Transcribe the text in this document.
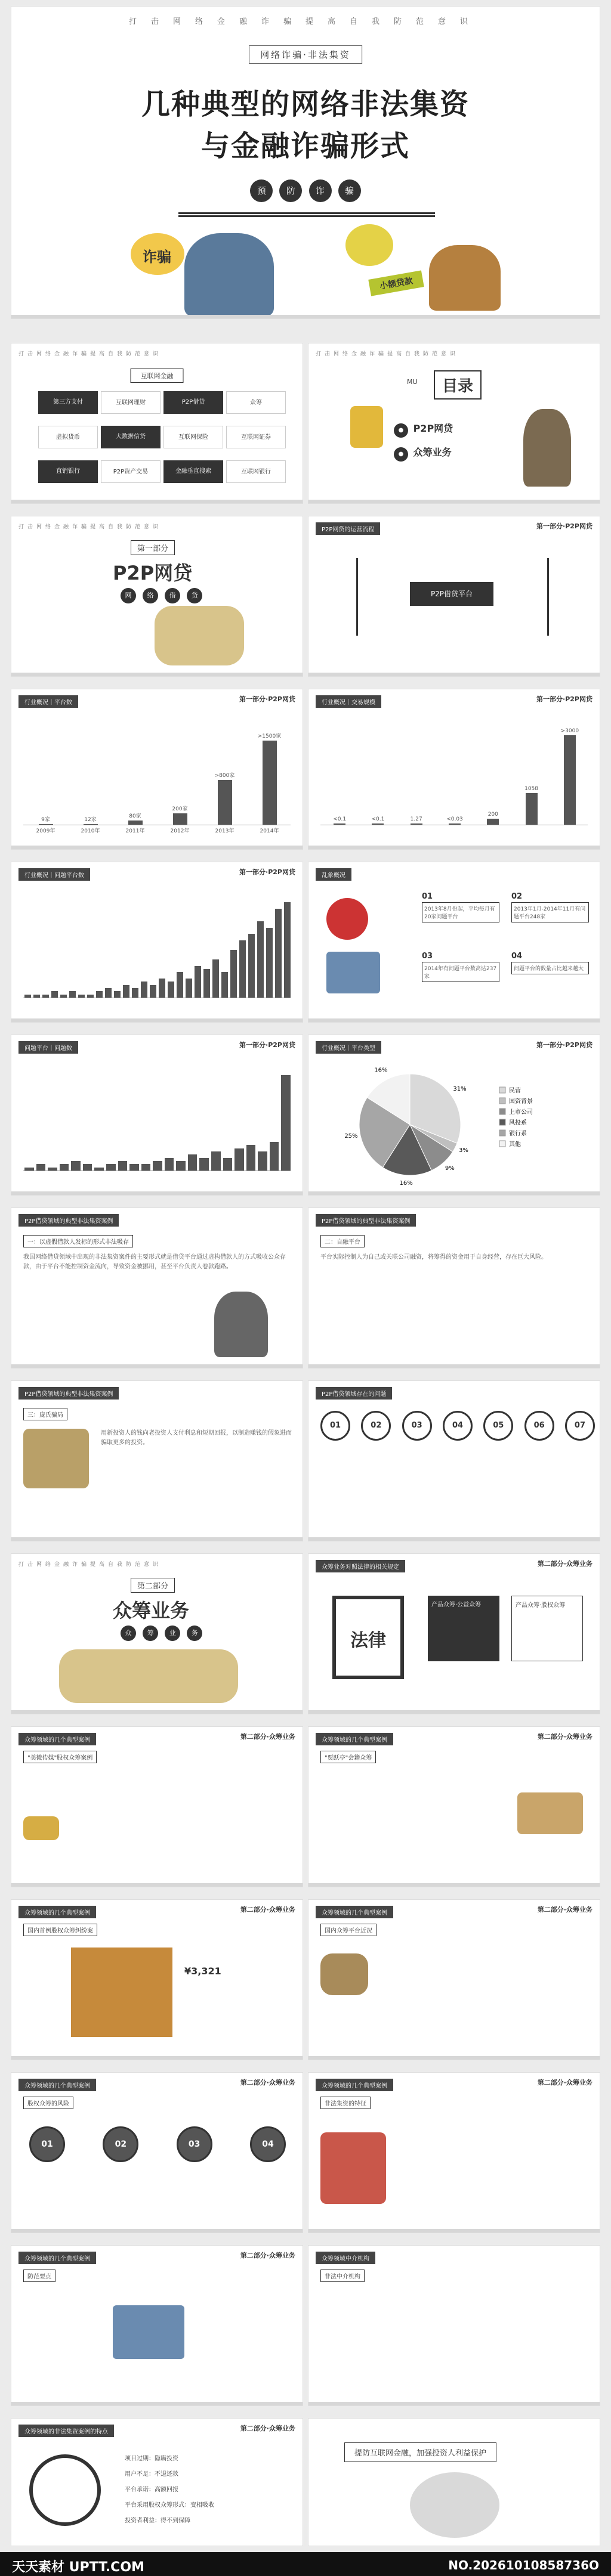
打击网络金融诈骗提高自我防范意识
网络诈骗·非法集资
几种典型的网络非法集资
与金融诈骗形式
预 防 诈 骗
诈骗
小额贷款
打击网络金融诈骗提高自我防范意识
互联网金融
第三方支付	互联网理财	P2P借贷	众筹
虚拟货币	大数据信贷	互联网保险	互联网证券
直销银行	P2P资产交易	金融垂直搜索	互联网银行
打击网络金融诈骗提高自我防范意识
目录
MU
● P2P网贷
● 众筹业务
打击网络金融诈骗提高自我防范意识
第一部分
P2P网贷
网 络 借 贷
P2P网贷的运营流程	第一部分·P2P网贷
P2P借贷平台
行业概况｜平台数	第一部分·P2P网贷
9家
2009年
12家
2010年
80家
2011年
200家
2012年
>800家
2013年
>1500家
2014年
行业概况｜交易规模	第一部分·P2P网贷
<0.1	<0.1	1.27	<0.03
200
1058
>3000
行业概况｜问题平台数	第一部分·P2P网贷	乱象概况
01
2013年8月份起，平均每月有20家问题平台
02
2013年1月-2014年11月有问题平台248家
03
2014年有问题平台数高达237家
04
问题平台的数量占比越来越大
问题平台｜问题数	第一部分·P2P网贷	行业概况｜平台类型	第一部分·P2P网贷
31%	民营
3%
国资背景
9%
上市公司
16%
风投系
25%	银行系
16%
其他
P2P借贷领域的典型非法集资案例
一：以虚假借款人发标的形式非法吸存
我国网络借贷领域中出现的非法集资案件的主要形式就是借贷平台通过虚构借款人的方式吸收公众存款，由于平台不能控制资金流向，导致资金被挪用，甚至平台负责人卷款跑路。
P2P借贷领域的典型非法集资案例
二：自融平台
平台实际控制人为自己或关联公司融资，将筹得的资金用于自身经营，存在巨大风险。
P2P借贷领域的典型非法集资案例
三：庞氏骗局
用新投资人的钱向老投资人支付利息和短期回报，以制造赚钱的假象进而骗取更多的投资。
P2P借贷领域存在的问题
01	02	03	04	05	06	07
打击网络金融诈骗提高自我防范意识
第二部分
众筹业务
众 筹 业 务
众筹业务对照法律的相关规定	第二部分·众筹业务
法律
产品众筹·公益众筹	产品众筹·股权众筹
众筹领域的几个典型案例	第二部分·众筹业务
"美微传媒"股权众筹案例
众筹领域的几个典型案例	第二部分·众筹业务
"贾跃亭"会籍众筹
众筹领域的几个典型案例	第二部分·众筹业务
国内首例股权众筹纠纷案
¥3,321
众筹领域的几个典型案例	第二部分·众筹业务
国内众筹平台近况
众筹领域的几个典型案例	第二部分·众筹业务
股权众筹的风险
01	02	03	04
众筹领域的几个典型案例	第二部分·众筹业务
非法集资的特征
众筹领域的几个典型案例	第二部分·众筹业务
防范要点
众筹领域中介机构
非法中介机构
众筹领域的非法集资案例的特点	第二部分·众筹业务
项目过期：隐瞒投资
用户不足：不退还款
平台承诺：高额回报
平台采用股权众筹形式：变相吸收
投资者利益：得不到保障
提防互联网金融，加强投资人利益保护
天天素材 UPTT.COM	NO.20261010858736O
